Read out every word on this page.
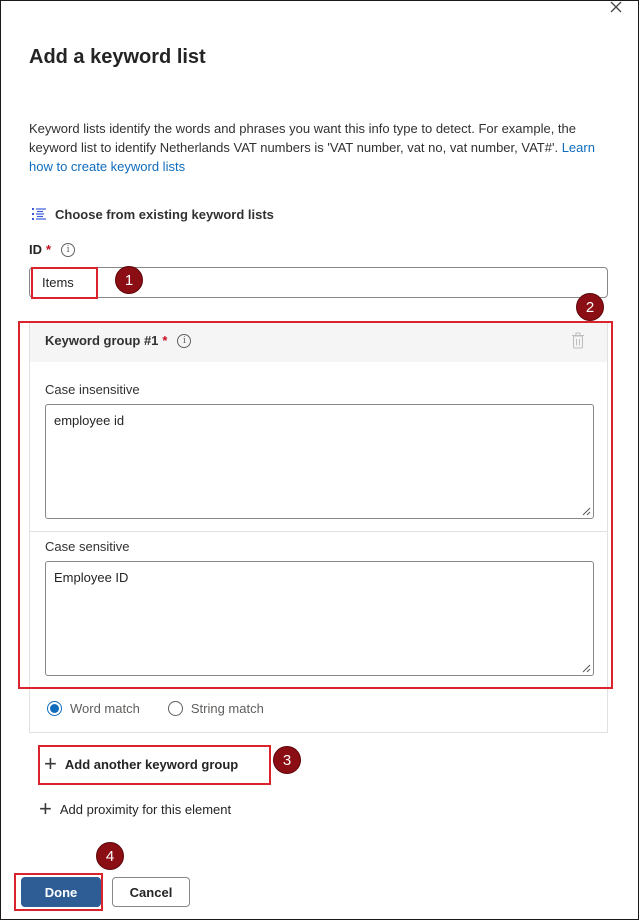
Add a keyword list
Keyword lists identify the words and phrases you want this info type to detect. For example, the keyword list to identify Netherlands VAT numbers is 'VAT number, vat no, vat number, VAT#'. Learn how to create keyword lists
Choose from existing keyword lists
ID *	i
Items	1
Keyword group #1 *	i
Case insensitive
employee id
Case sensitive
Employee ID
2
Word match	String match
+ Add another keyword group	3
+ Add proximity for this element
Done	Cancel
4
